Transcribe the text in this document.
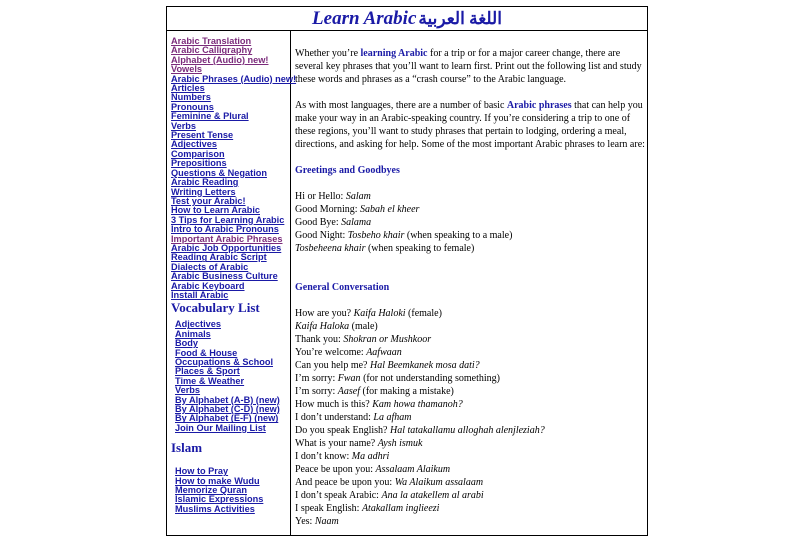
Learn Arabic اللغة العربية
Arabic Translation
Arabic Calligraphy
Alphabet (Audio) new!
Vowels
Arabic Phrases (Audio) new!
Articles
Numbers
Pronouns
Feminine & Plural
Verbs
Present Tense
Adjectives
Comparison
Prepositions
Questions & Negation
Arabic Reading
Writing Letters
Test your Arabic!
How to Learn Arabic
3 Tips for Learning Arabic
Intro to Arabic Pronouns
Important Arabic Phrases
Arabic Job Opportunities
Reading Arabic Script
Dialects of Arabic
Arabic Business Culture
Arabic Keyboard
Install Arabic
Vocabulary List
Adjectives
Animals
Body
Food & House
Occupations & School
Places & Sport
Time & Weather
Verbs
By Alphabet (A-B) (new)
By Alphabet (C-D) (new)
By Alphabet (E-F) (new)
Join Our Mailing List
Islam
How to Pray
How to make Wudu
Memorize Quran
Islamic Expressions
Muslims Activities

Whether you’re learning Arabic for a trip or for a major career change, there are several key phrases that you’ll want to learn first. Print out the following list and study these words and phrases as a “crash course” to the Arabic language.

As with most languages, there are a number of basic Arabic phrases that can help you make your way in an Arabic-speaking country. If you’re considering a trip to one of these regions, you’ll want to study phrases that pertain to lodging, ordering a meal, directions, and asking for help. Some of the most important Arabic phrases to learn are:

Greetings and Goodbyes
Hi or Hello: Salam
Good Morning: Sabah el kheer
Good Bye: Salama
Good Night: Tosbeho khair (when speaking to a male)
Tosbeheena khair (when speaking to female)
General Conversation
How are you? Kaifa Haloki (female)
Kaifa Haloka (male)
Thank you: Shokran or Mushkoor
You’re welcome: Aafwaan
Can you help me? Hal Beemkanek mosa dati?
I’m sorry: Fwan (for not understanding something)
I’m sorry: Aasef (for making a mistake)
How much is this? Kam howa thamanoh?
I don’t understand: La afham
Do you speak English? Hal tatakallamu alloghah alenjleziah?
What is your name? Aysh ismuk
I don’t know: Ma adhri
Peace be upon you: Assalaam Alaikum
And peace be upon you: Wa Alaikum assalaam
I don’t speak Arabic: Ana la atakellem al arabi
I speak English: Atakallam inglieezi
Yes: Naam
